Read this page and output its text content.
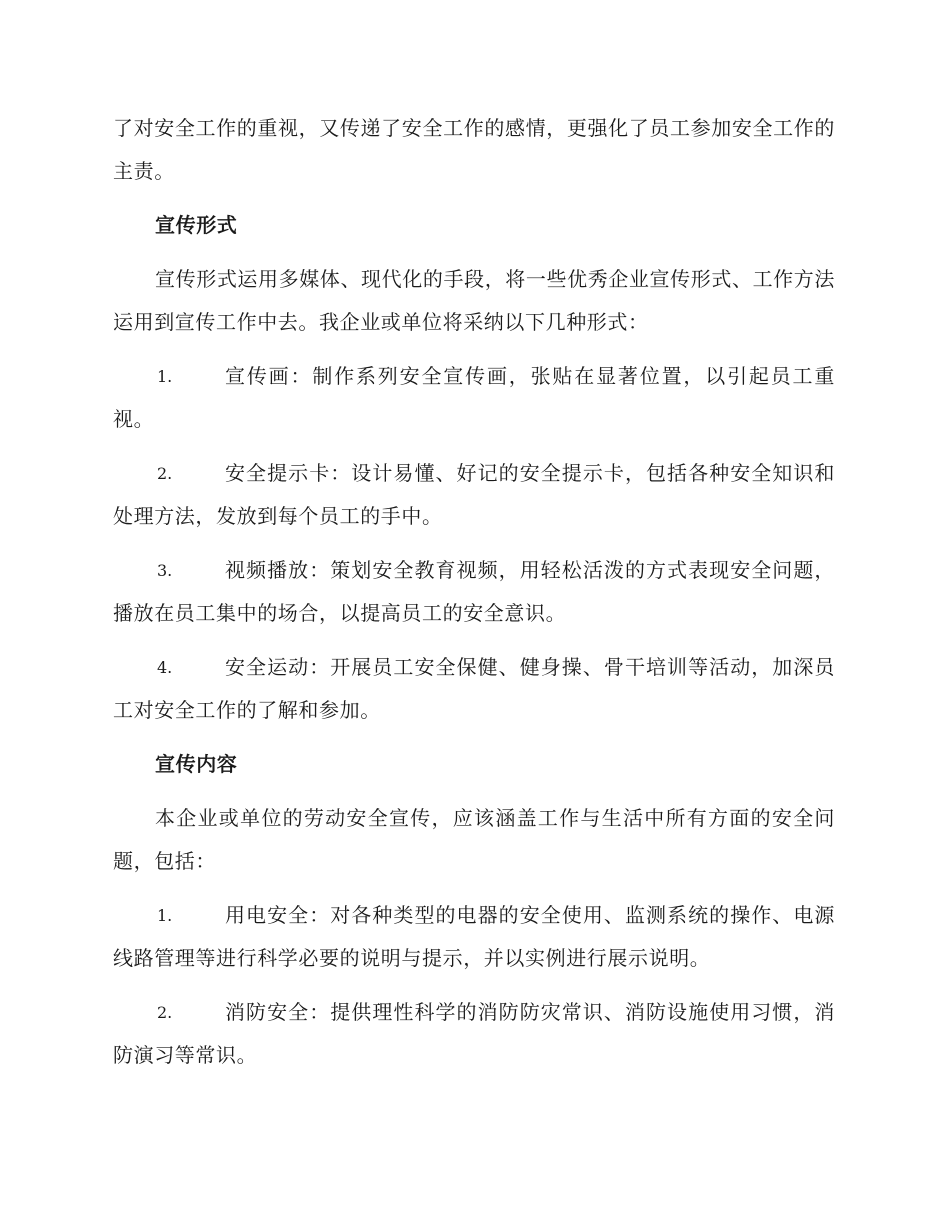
了对安全工作的重视，又传递了安全工作的感情，更强化了员工参加安全工作的主责。

宣传形式

宣传形式运用多媒体、现代化的手段，将一些优秀企业宣传形式、工作方法运用到宣传工作中去。我企业或单位将采纳以下几种形式：

1.	宣传画：制作系列安全宣传画，张贴在显著位置，以引起员工重视。
2.	安全提示卡：设计易懂、好记的安全提示卡，包括各种安全知识和处理方法，发放到每个员工的手中。
3.	视频播放：策划安全教育视频，用轻松活泼的方式表现安全问题，播放在员工集中的场合，以提高员工的安全意识。
4.	安全运动：开展员工安全保健、健身操、骨干培训等活动，加深员工对安全工作的了解和参加。
宣传内容

本企业或单位的劳动安全宣传，应该涵盖工作与生活中所有方面的安全问题，包括：

1.	用电安全：对各种类型的电器的安全使用、监测系统的操作、电源线路管理等进行科学必要的说明与提示，并以实例进行展示说明。
2.	消防安全：提供理性科学的消防防灾常识、消防设施使用习惯，消防演习等常识。
